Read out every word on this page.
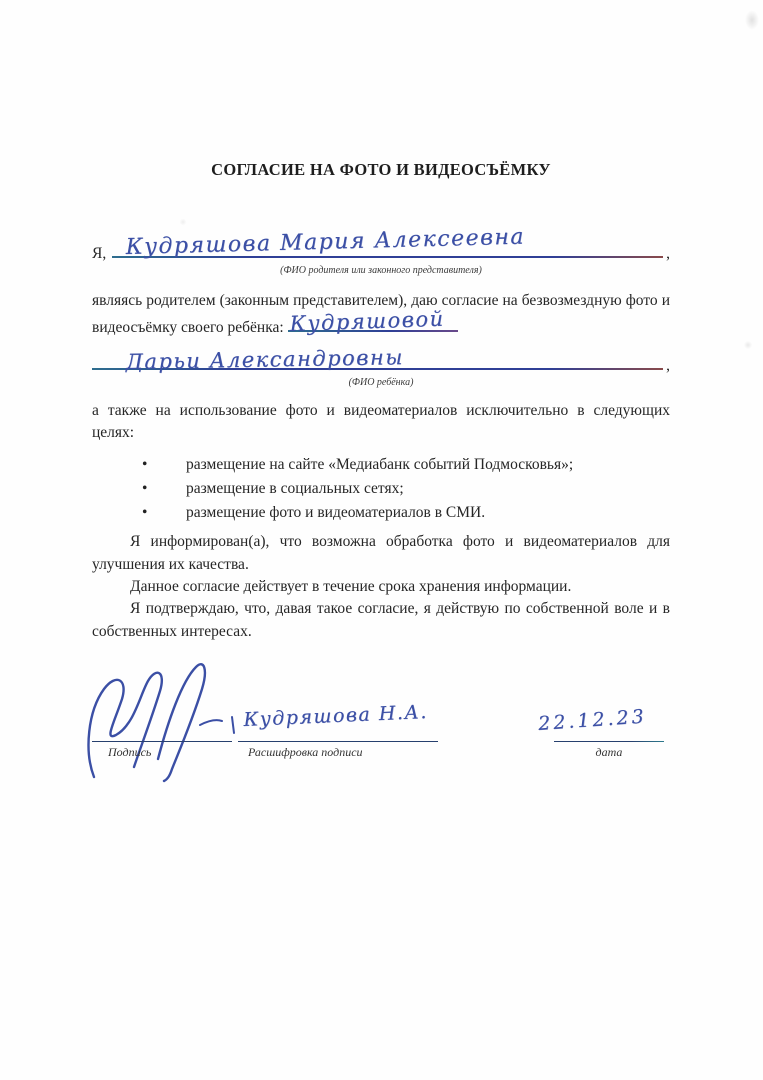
СОГЛАСИЕ НА ФОТО И ВИДЕОСЪЁМКУ
Я, Кудряшова Мария Алексеевна	,
(ФИО родителя или законного представителя)

являясь родителем (законным представителем), даю согласие на безвозмездную фото и видеосъёмку своего ребёнка: Кудряшовой

Дарьи Александровны	,
(ФИО ребёнка)

а также на использование фото и видеоматериалов исключительно в следующих целях:

•	размещение на сайте «Медиабанк событий Подмосковья»;
•	размещение в социальных сетях;
•	размещение фото и видеоматериалов в СМИ.

Я информирован(а), что возможна обработка фото и видеоматериалов для улучшения их качества.

Данное согласие действует в течение срока хранения информации.

Я подтверждаю, что, давая такое согласие, я действую по собственной воле и в собственных интересах.

Кудряшова Н.А.	22.12.23
Подпись	Расшифровка подписи	дата
